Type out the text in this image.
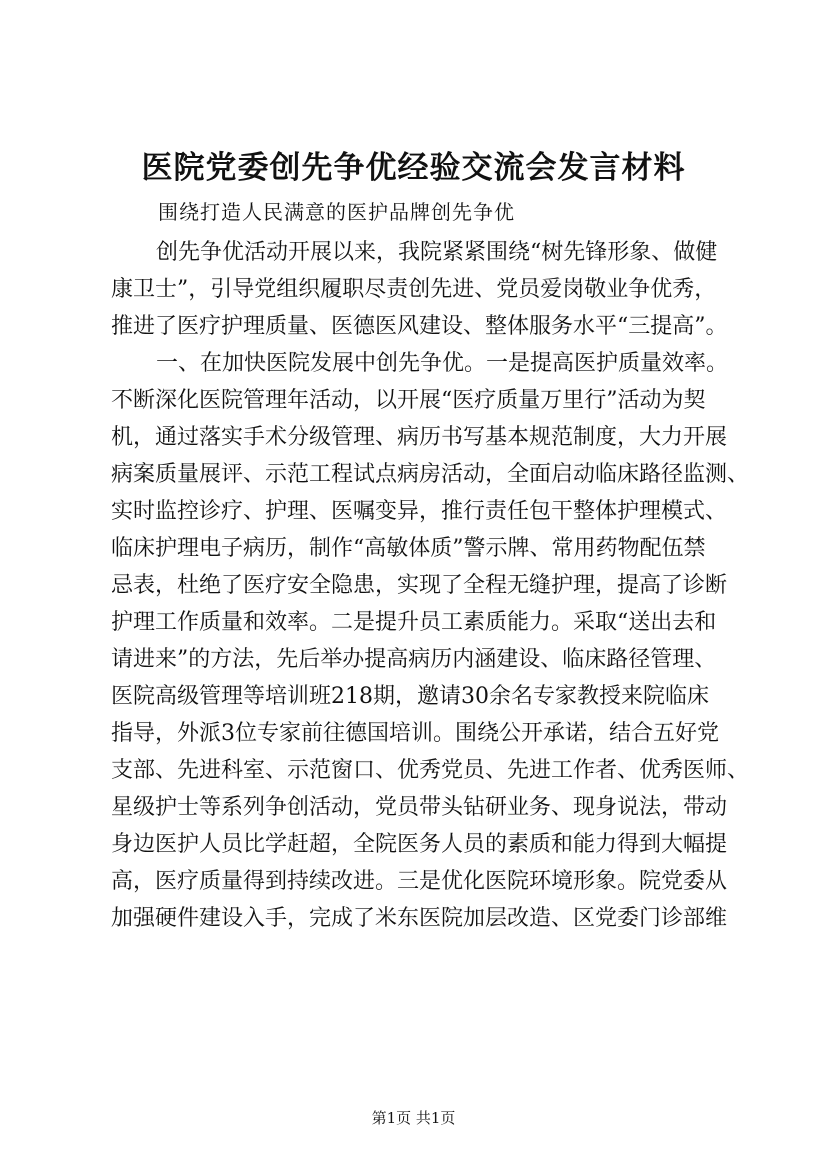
医院党委创先争优经验交流会发言材料
围绕打造人民满意的医护品牌创先争优
创先争优活动开展以来，我院紧紧围绕“树先锋形象、做健
康卫士”，引导党组织履职尽责创先进、党员爱岗敬业争优秀，
推进了医疗护理质量、医德医风建设、整体服务水平“三提高”。
一、在加快医院发展中创先争优。一是提高医护质量效率。
不断深化医院管理年活动，以开展“医疗质量万里行”活动为契
机，通过落实手术分级管理、病历书写基本规范制度，大力开展
病案质量展评、示范工程试点病房活动，全面启动临床路径监测、
实时监控诊疗、护理、医嘱变异，推行责任包干整体护理模式、
临床护理电子病历，制作“高敏体质”警示牌、常用药物配伍禁
忌表，杜绝了医疗安全隐患，实现了全程无缝护理，提高了诊断
护理工作质量和效率。二是提升员工素质能力。采取“送出去和
请进来”的方法，先后举办提高病历内涵建设、临床路径管理、
医院高级管理等培训班218期，邀请30余名专家教授来院临床
指导，外派3位专家前往德国培训。围绕公开承诺，结合五好党
支部、先进科室、示范窗口、优秀党员、先进工作者、优秀医师、
星级护士等系列争创活动，党员带头钻研业务、现身说法，带动
身边医护人员比学赶超，全院医务人员的素质和能力得到大幅提
高，医疗质量得到持续改进。三是优化医院环境形象。院党委从
加强硬件建设入手，完成了米东医院加层改造、区党委门诊部维
第1页 共1页
